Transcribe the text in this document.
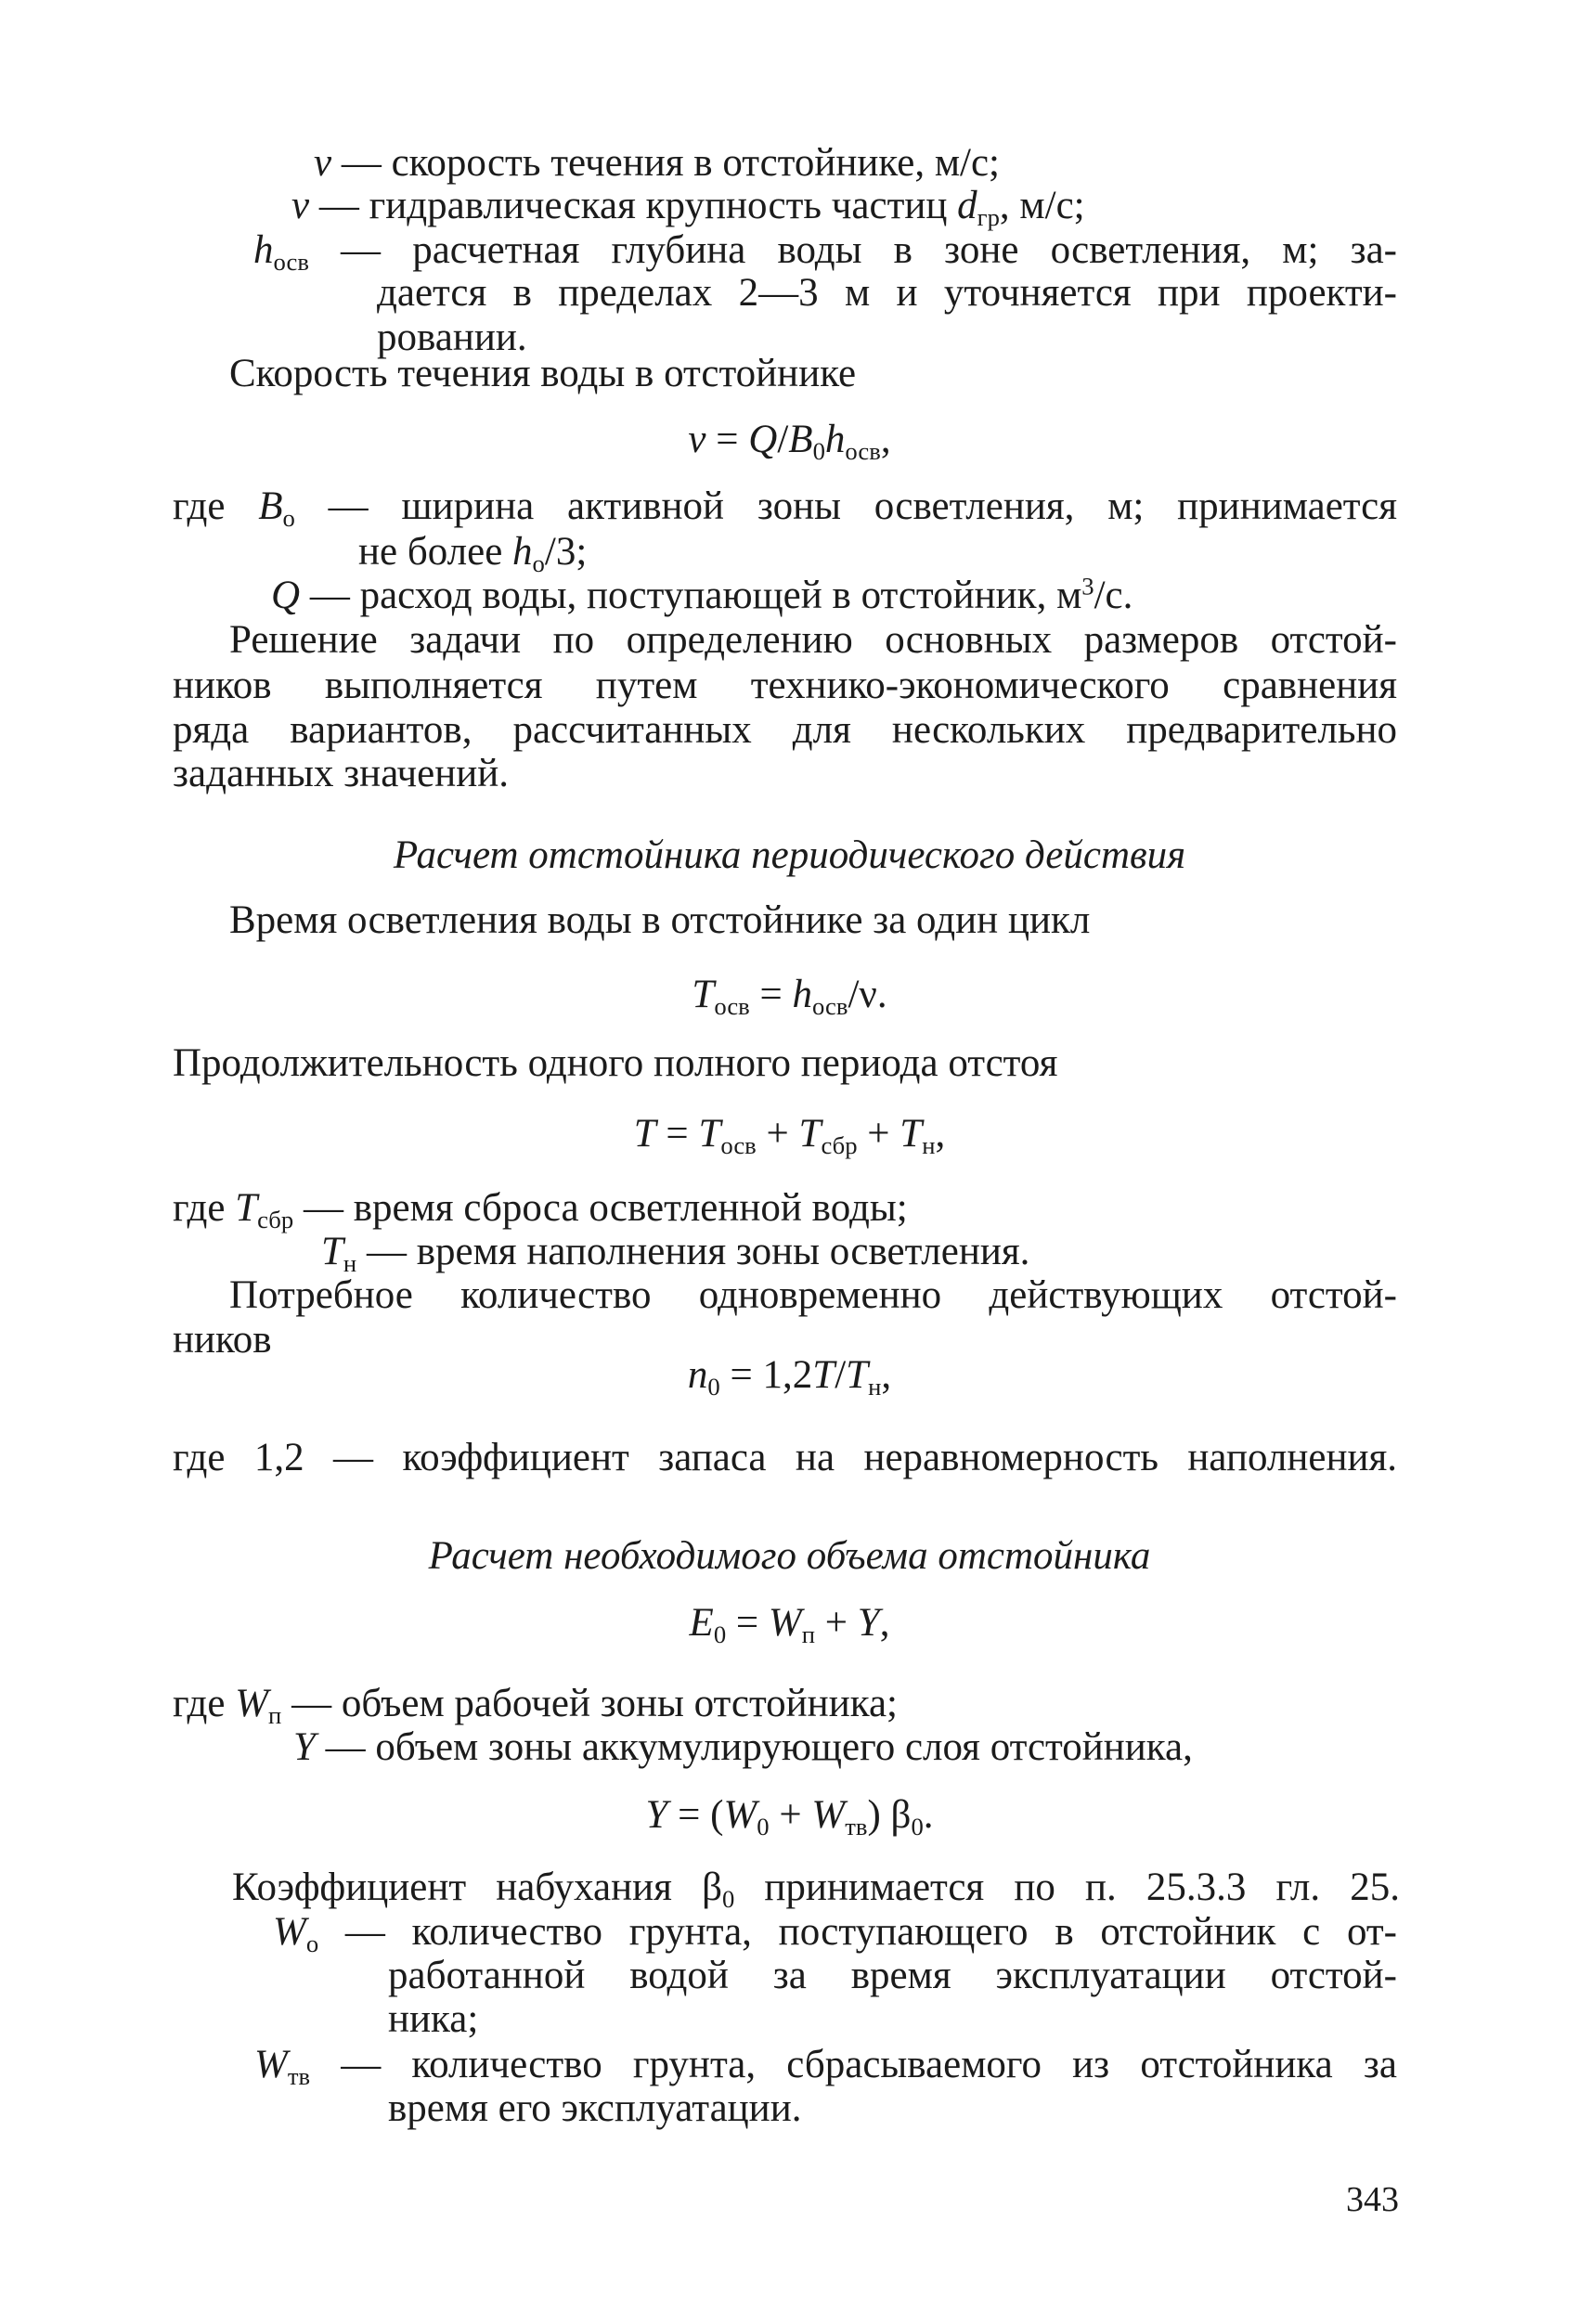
v — скорость течения в отстойнике, м/с;
ν — гидравлическая крупность частиц $d_{гр}$, м/с;
$h_{осв}$ — расчетная глубина воды в зоне осветления, м; за-
дается в пределах 2—3 м и уточняется при проекти-
ровании.
Скорость течения воды в отстойнике
$v = Q/B_0h_{осв}$,
где $B_o$ — ширина активной зоны осветления, м; принимается
не более $h_o/3$;
Q — расход воды, поступающей в отстойник, $м^3/с$.
Решение задачи по определению основных размеров отстой-
ников выполняется путем технико-экономического сравнения
ряда вариантов, рассчитанных для нескольких предварительно
заданных значений.
Расчет отстойника периодического действия
Время осветления воды в отстойнике за один цикл
$T_{осв} = h_{осв}/\nu$.
Продолжительность одного полного периода отстоя
$T = T_{осв} + T_{сбр} + T_н$,
где $T_{сбр}$ — время сброса осветленной воды;
$T_н$ — время наполнения зоны осветления.
Потребное количество одновременно действующих отстой-
ников
$n_0 = 1,2T/T_н$,
где 1,2 — коэффициент запаса на неравномерность наполнения.
Расчет необходимого объема отстойника
$E_0 = W_п + Y$,
где $W_п$ — объем рабочей зоны отстойника;
Y — объем зоны аккумулирующего слоя отстойника,
$Y = (W_0 + W_{тв})$ $\beta_0$.
Коэффициент набухания $\beta_0$ принимается по п. 25.3.3 гл. 25.
$W_o$ — количество грунта, поступающего в отстойник с от-
работанной водой за время эксплуатации отстой-
ника;
$W_{тв}$ — количество грунта, сбрасываемого из отстойника за
время его эксплуатации.
343
